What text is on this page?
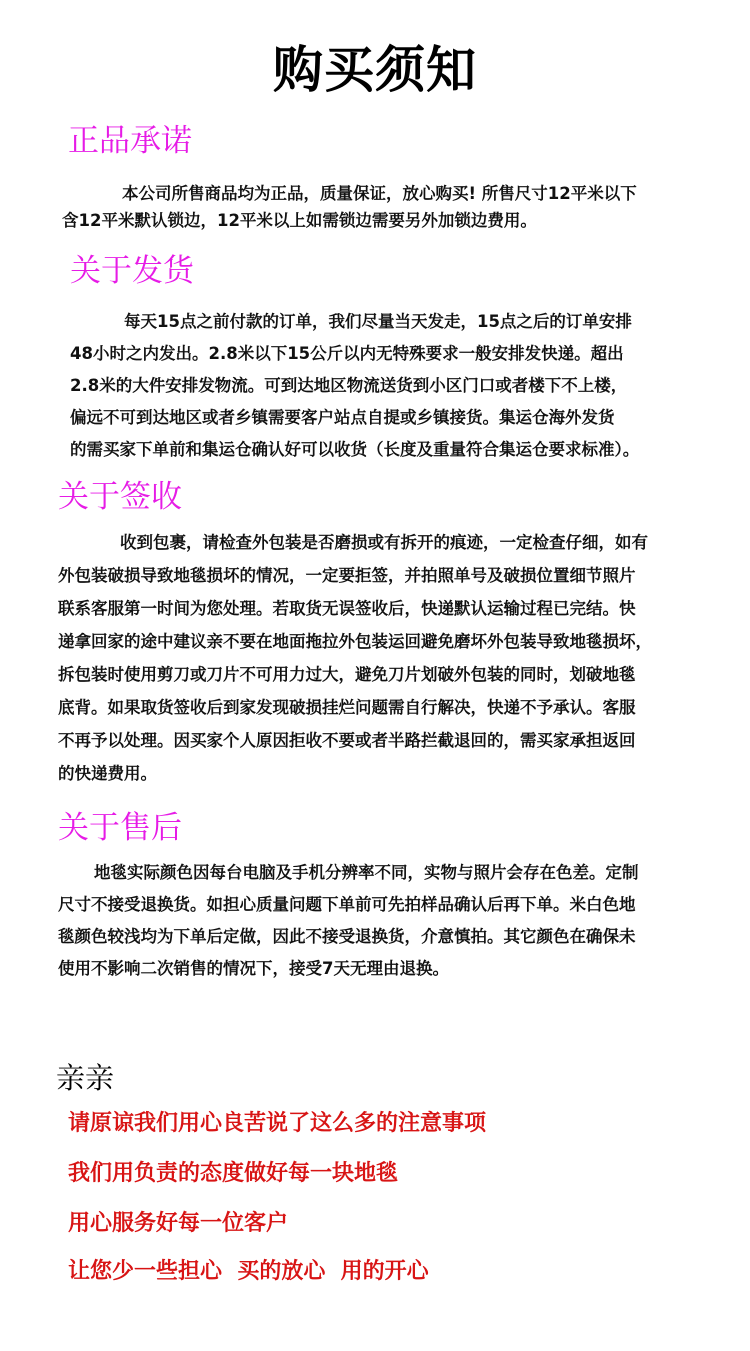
购买须知
正品承诺
本公司所售商品均为正品，质量保证，放心购买! 所售尺寸12平米以下
含12平米默认锁边，12平米以上如需锁边需要另外加锁边费用。
关于发货
每天15点之前付款的订单，我们尽量当天发走，15点之后的订单安排
48小时之内发出。2.8米以下15公斤以内无特殊要求一般安排发快递。超出
2.8米的大件安排发物流。可到达地区物流送货到小区门口或者楼下不上楼，
偏远不可到达地区或者乡镇需要客户站点自提或乡镇接货。集运仓海外发货
的需买家下单前和集运仓确认好可以收货（长度及重量符合集运仓要求标准）。
关于签收
收到包裹，请检查外包装是否磨损或有拆开的痕迹，一定检查仔细，如有
外包装破损导致地毯损坏的情况，一定要拒签，并拍照单号及破损位置细节照片
联系客服第一时间为您处理。若取货无误签收后，快递默认运输过程已完结。快
递拿回家的途中建议亲不要在地面拖拉外包装运回避免磨坏外包装导致地毯损坏，
拆包装时使用剪刀或刀片不可用力过大，避免刀片划破外包装的同时，划破地毯
底背。如果取货签收后到家发现破损挂烂问题需自行解决，快递不予承认。客服
不再予以处理。因买家个人原因拒收不要或者半路拦截退回的，需买家承担返回
的快递费用。
关于售后
地毯实际颜色因每台电脑及手机分辨率不同，实物与照片会存在色差。定制
尺寸不接受退换货。如担心质量问题下单前可先拍样品确认后再下单。米白色地
毯颜色较浅均为下单后定做，因此不接受退换货，介意慎拍。其它颜色在确保未
使用不影响二次销售的情况下，接受7天无理由退换。
亲亲
请原谅我们用心良苦说了这么多的注意事项
我们用负责的态度做好每一块地毯
用心服务好每一位客户
让您少一些担心  买的放心  用的开心
